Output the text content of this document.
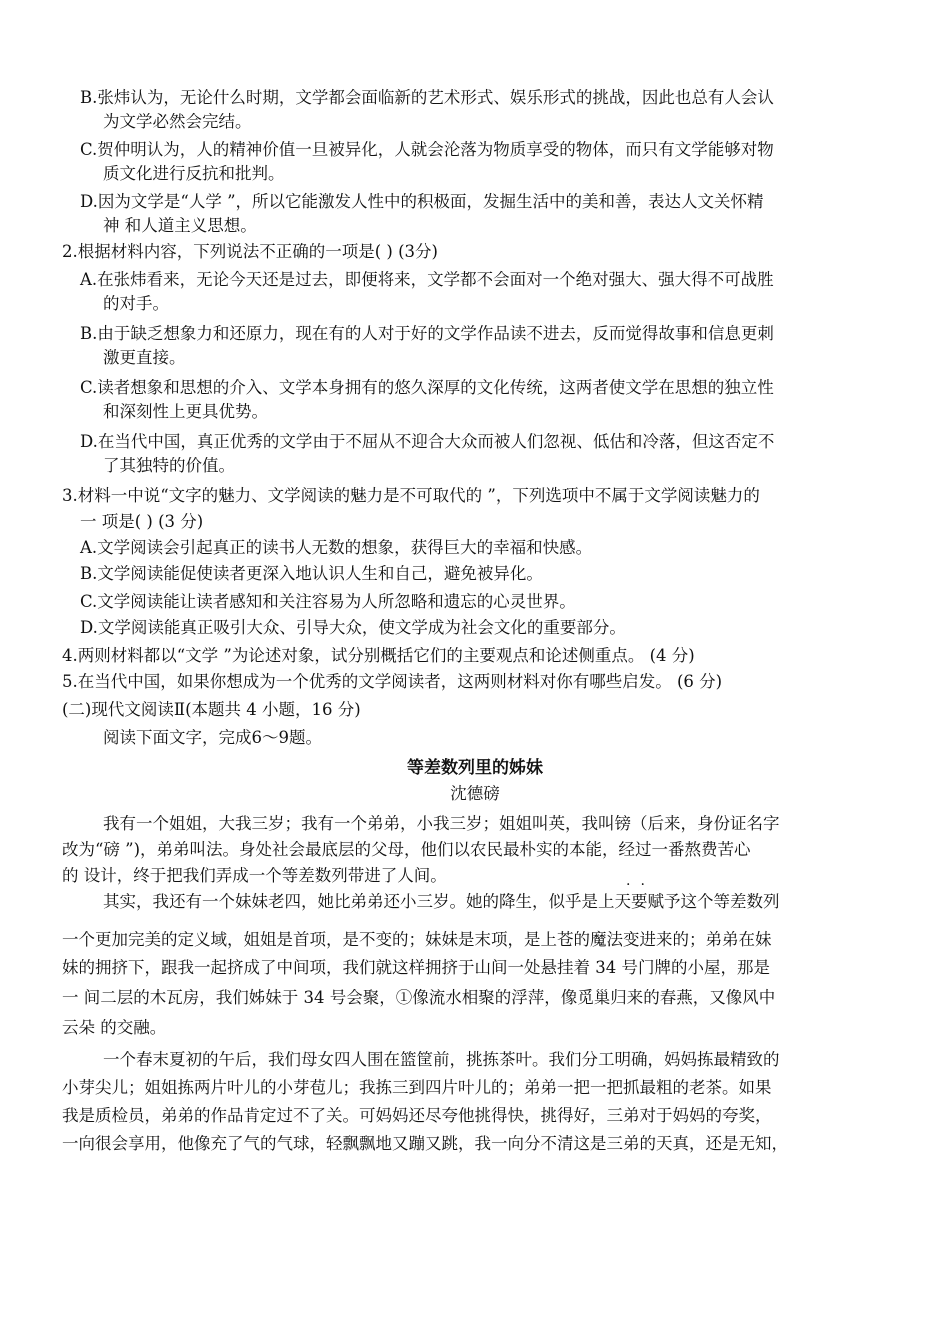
B.张炜认为，无论什么时期，文学都会面临新的艺术形式、娱乐形式的挑战，因此也总有人会认
为文学必然会完结。
C.贺仲明认为，人的精神价值一旦被异化，人就会沦落为物质享受的物体，而只有文学能够对物
质文化进行反抗和批判。
D.因为文学是“人学 ”，所以它能激发人性中的积极面，发掘生活中的美和善，表达人文关怀精
神 和人道主义思想。
2.根据材料内容，下列说法不正确的一项是( ) (3分)
A.在张炜看来，无论今天还是过去，即便将来，文学都不会面对一个绝对强大、强大得不可战胜
的对手。
B.由于缺乏想象力和还原力，现在有的人对于好的文学作品读不进去，反而觉得故事和信息更刺
激更直接。
C.读者想象和思想的介入、文学本身拥有的悠久深厚的文化传统，这两者使文学在思想的独立性
和深刻性上更具优势。
D.在当代中国，真正优秀的文学由于不屈从不迎合大众而被人们忽视、低估和冷落，但这否定不
了其独特的价值。
3.材料一中说“文字的魅力、文学阅读的魅力是不可取代的 ”，下列选项中不属于文学阅读魅力的
一 项是( ) (3 分)
A.文学阅读会引起真正的读书人无数的想象，获得巨大的幸福和快感。
B.文学阅读能促使读者更深入地认识人生和自己，避免被异化。
C.文学阅读能让读者感知和关注容易为人所忽略和遗忘的心灵世界。
D.文学阅读能真正吸引大众、引导大众，使文学成为社会文化的重要部分。
4.两则材料都以“文学 ”为论述对象，试分别概括它们的主要观点和论述侧重点。 (4 分)
5.在当代中国，如果你想成为一个优秀的文学阅读者，这两则材料对你有哪些启发。 (6 分)
(二)现代文阅读Ⅱ(本题共 4 小题，16 分)
阅读下面文字，完成6～9题。
等差数列里的姊妹
沈德磅
我有一个姐姐，大我三岁；我有一个弟弟，小我三岁；姐姐叫英，我叫镑（后来，身份证名字
改为“磅 ”)，弟弟叫法。身处社会最底层的父母，他们以农民最朴实的本能，经过一番熬费苦心
的 设计，终于把我们弄成一个等差数列带进了人间。	..
其实，我还有一个妹妹老四，她比弟弟还小三岁。她的降生，似乎是上天要赋予这个等差数列
一个更加完美的定义域，姐姐是首项，是不变的；妹妹是末项，是上苍的魔法变进来的；弟弟在妹
妹的拥挤下，跟我一起挤成了中间项，我们就这样拥挤于山间一处悬挂着 34 号门牌的小屋，那是
一 间二层的木瓦房，我们姊妹于 34 号会聚，①像流水相聚的浮萍，像觅巢归来的春燕，又像风中
云朵 的交融。
一个春末夏初的午后，我们母女四人围在篮筐前，挑拣茶叶。我们分工明确，妈妈拣最精致的
小芽尖儿；姐姐拣两片叶儿的小芽苞儿；我拣三到四片叶儿的；弟弟一把一把抓最粗的老茶。如果
我是质检员，弟弟的作品肯定过不了关。可妈妈还尽夸他挑得快，挑得好，三弟对于妈妈的夸奖，
一向很会享用，他像充了气的气球，轻飘飘地又蹦又跳，我一向分不清这是三弟的天真，还是无知，
